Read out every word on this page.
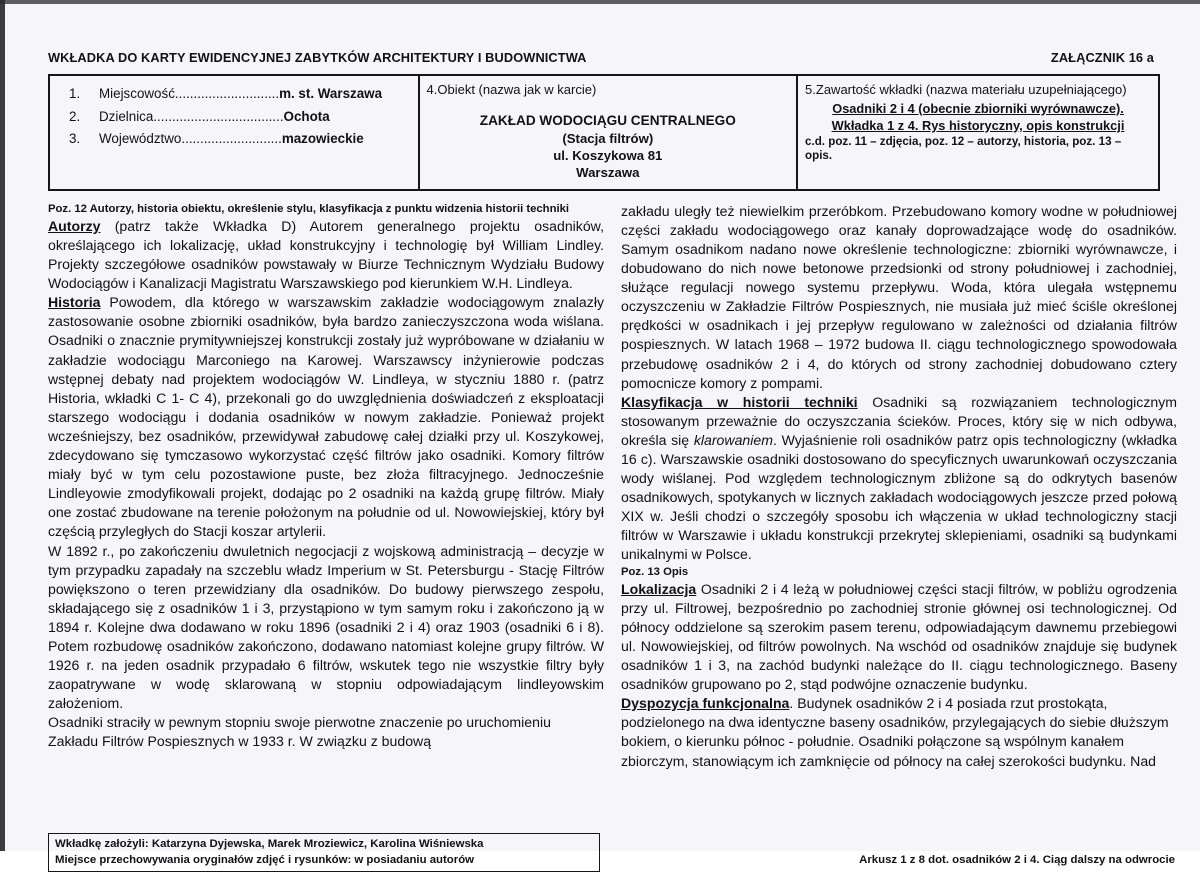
WKŁADKA DO KARTY EWIDENCYJNEJ ZABYTKÓW ARCHITEKTURY I BUDOWNICTWA	ZAŁĄCZNIK 16 a
1.	Miejscowość ............................ m. st. Warszawa
2.	Dzielnica ................................... Ochota
3.	Województwo ........................... mazowieckie
4.Obiekt (nazwa jak w karcie)
ZAKŁAD WODOCIĄGU CENTRALNEGO
(Stacja filtrów)
ul. Koszykowa 81
Warszawa
5.Zawartość wkładki (nazwa materiału uzupełniającego)
Osadniki 2 i 4 (obecnie zbiorniki wyrównawcze).
Wkładka 1 z 4. Rys historyczny, opis konstrukcji
c.d. poz. 11 – zdjęcia, poz. 12 – autorzy, historia, poz. 13 – opis.
Poz. 12 Autorzy, historia obiektu, określenie stylu, klasyfikacja z punktu widzenia historii techniki

Autorzy (patrz także Wkładka D) Autorem generalnego projektu osadników, określającego ich lokalizację, układ konstrukcyjny i technologię był William Lindley. Projekty szczegółowe osadników powstawały w Biurze Technicznym Wydziału Budowy Wodociągów i Kanalizacji Magistratu Warszawskiego pod kierunkiem W.H. Lindleya.

Historia Powodem, dla którego w warszawskim zakładzie wodociągowym znalazły zastosowanie osobne zbiorniki osadników, była bardzo zanieczyszczona woda wiślana. Osadniki o znacznie prymitywniejszej konstrukcji zostały już wypróbowane w działaniu w zakładzie wodociągu Marconiego na Karowej. Warszawscy inżynierowie podczas wstępnej debaty nad projektem wodociągów W. Lindleya, w styczniu 1880 r. (patrz Historia, wkładki C 1- C 4), przekonali go do uwzględnienia doświadczeń z eksploatacji starszego wodociągu i dodania osadników w nowym zakładzie. Ponieważ projekt wcześniejszy, bez osadników, przewidywał zabudowę całej działki przy ul. Koszykowej, zdecydowano się tymczasowo wykorzystać część filtrów jako osadniki. Komory filtrów miały być w tym celu pozostawione puste, bez złoża filtracyjnego. Jednocześnie Lindleyowie zmodyfikowali projekt, dodając po 2 osadniki na każdą grupę filtrów. Miały one zostać zbudowane na terenie położonym na południe od ul. Nowowiejskiej, który był częścią przyległych do Stacji koszar artylerii.

W 1892 r., po zakończeniu dwuletnich negocjacji z wojskową administracją – decyzje w tym przypadku zapadały na szczeblu władz Imperium w St. Petersburgu - Stację Filtrów powiększono o teren przewidziany dla osadników. Do budowy pierwszego zespołu, składającego się z osadników 1 i 3, przystąpiono w tym samym roku i zakończono ją w 1894 r. Kolejne dwa dodawano w roku 1896 (osadniki 2 i 4) oraz 1903 (osadniki 6 i 8). Potem rozbudowę osadników zakończono, dodawano natomiast kolejne grupy filtrów. W 1926 r. na jeden osadnik przypadało 6 filtrów, wskutek tego nie wszystkie filtry były zaopatrywane w wodę sklarowaną w stopniu odpowiadającym lindleyowskim założeniom.

Osadniki straciły w pewnym stopniu swoje pierwotne znaczenie po uruchomieniu Zakładu Filtrów Pospiesznych w 1933 r. W związku z budową

Wkładkę założyli: Katarzyna Dyjewska, Marek Mroziewicz, Karolina Wiśniewska
Miejsce przechowywania oryginałów zdjęć i rysunków: w posiadaniu autorów

zakładu uległy też niewielkim przeróbkom. Przebudowano komory wodne w południowej części zakładu wodociągowego oraz kanały doprowadzające wodę do osadników. Samym osadnikom nadano nowe określenie technologiczne: zbiorniki wyrównawcze, i dobudowano do nich nowe betonowe przedsionki od strony południowej i zachodniej, służące regulacji nowego systemu przepływu. Woda, która ulegała wstępnemu oczyszczeniu w Zakładzie Filtrów Pospiesznych, nie musiała już mieć ściśle określonej prędkości w osadnikach i jej przepływ regulowano w zależności od działania filtrów pospiesznych. W latach 1968 – 1972 budowa II. ciągu technologicznego spowodowała przebudowę osadników 2 i 4, do których od strony zachodniej dobudowano cztery pomocnicze komory z pompami.

Klasyfikacja w historii techniki Osadniki są rozwiązaniem technologicznym stosowanym przeważnie do oczyszczania ścieków. Proces, który się w nich odbywa, określa się klarowaniem. Wyjaśnienie roli osadników patrz opis technologiczny (wkładka 16 c). Warszawskie osadniki dostosowano do specyficznych uwarunkowań oczyszczania wody wiślanej. Pod względem technologicznym zbliżone są do odkrytych basenów osadnikowych, spotykanych w licznych zakładach wodociągowych jeszcze przed połową XIX w. Jeśli chodzi o szczegóły sposobu ich włączenia w układ technologiczny stacji filtrów w Warszawie i układu konstrukcji przekrytej sklepieniami, osadniki są budynkami unikalnymi w Polsce.

Poz. 13 Opis

Lokalizacja Osadniki 2 i 4 leżą w południowej części stacji filtrów, w pobliżu ogrodzenia przy ul. Filtrowej, bezpośrednio po zachodniej stronie głównej osi technologicznej. Od północy oddzielone są szerokim pasem terenu, odpowiadającym dawnemu przebiegowi ul. Nowowiejskiej, od filtrów powolnych. Na wschód od osadników znajduje się budynek osadników 1 i 3, na zachód budynki należące do II. ciągu technologicznego. Baseny osadników grupowano po 2, stąd podwójne oznaczenie budynku.

Dyspozycja funkcjonalna. Budynek osadników 2 i 4 posiada rzut prostokąta, podzielonego na dwa identyczne baseny osadników, przylegających do siebie dłuższym bokiem, o kierunku północ - południe. Osadniki połączone są wspólnym kanałem zbiorczym, stanowiącym ich zamknięcie od północy na całej szerokości budynku. Nad

Arkusz 1 z 8 dot. osadników 2 i 4. Ciąg dalszy na odwrocie
